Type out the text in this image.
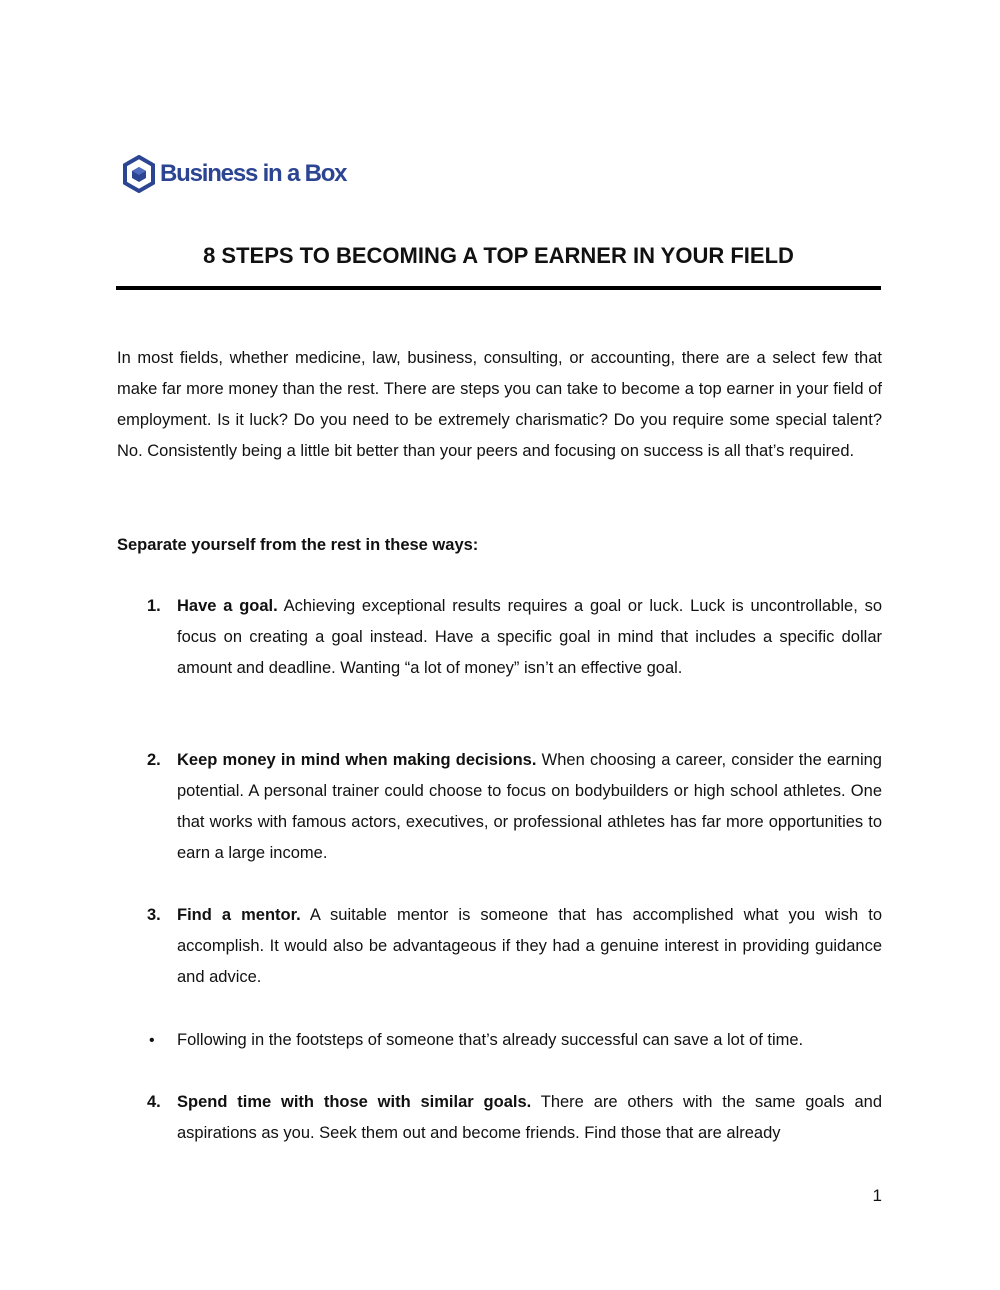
Business in a Box
8 STEPS TO BECOMING A TOP EARNER IN YOUR FIELD

In most fields, whether medicine, law, business, consulting, or accounting, there are a select few that make far more money than the rest. There are steps you can take to become a top earner in your field of employment. Is it luck? Do you need to be extremely charismatic? Do you require some special talent? No. Consistently being a little bit better than your peers and focusing on success is all that’s required.

Separate yourself from the rest in these ways:

1. Have a goal. Achieving exceptional results requires a goal or luck. Luck is uncontrollable, so focus on creating a goal instead. Have a specific goal in mind that includes a specific dollar amount and deadline. Wanting “a lot of money” isn’t an effective goal.
2. Keep money in mind when making decisions. When choosing a career, consider the earning potential. A personal trainer could choose to focus on bodybuilders or high school athletes. One that works with famous actors, executives, or professional athletes has far more opportunities to earn a large income.
3. Find a mentor. A suitable mentor is someone that has accomplished what you wish to accomplish. It would also be advantageous if they had a genuine interest in providing guidance and advice.
•	Following in the footsteps of someone that’s already successful can save a lot of time.
4. Spend time with those with similar goals. There are others with the same goals and aspirations as you. Seek them out and become friends. Find those that are already
1
